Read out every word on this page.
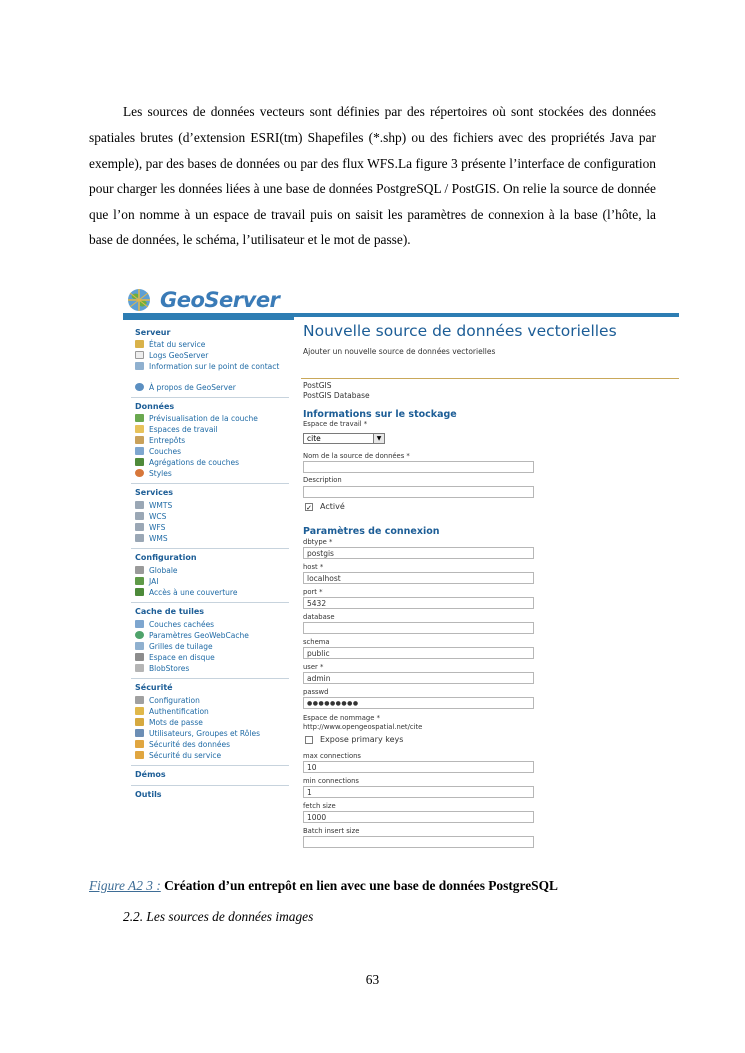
Les sources de données vecteurs sont définies par des répertoires où sont stockées des données spatiales brutes (d’extension ESRI(tm) Shapefiles (*.shp) ou des fichiers avec des propriétés Java par exemple), par des bases de données ou par des flux WFS.La figure 3 présente l’interface de configuration pour charger les données liées à une base de données PostgreSQL / PostGIS. On relie la source de donnée que l’on nomme à un espace de travail puis on saisit les paramètres de connexion à la base (l’hôte, la base de données, le schéma, l’utilisateur et le mot de passe).

GeoServer
Serveur
État du service
Logs GeoServer
Information sur le point de contact
À propos de GeoServer
Données
Prévisualisation de la couche
Espaces de travail
Entrepôts
Couches
Agrégations de couches
Styles
Services
WMTS
WCS
WFS
WMS
Configuration
Globale
JAI
Accès à une couverture
Cache de tuiles
Couches cachées
Paramètres GeoWebCache
Grilles de tuilage
Espace en disque
BlobStores
Sécurité
Configuration
Authentification
Mots de passe
Utilisateurs, Groupes et Rôles
Sécurité des données
Sécurité du service
Démos
Outils
Nouvelle source de données vectorielles
Ajouter un nouvelle source de données vectorielles
PostGIS
PostGIS Database
Informations sur le stockage
Espace de travail *
cite	▼
Nom de la source de données *
Description
✓ Activé
Paramètres de connexion
dbtype *
postgis
host *
localhost
port *
5432
database
schema
public
user *
admin
passwd
●●●●●●●●●
Espace de nommage *
http://www.opengeospatial.net/cite
Expose primary keys
max connections
10
min connections
1
fetch size
1000
Batch insert size
Figure A2 3 : Création d’un entrepôt en lien avec une base de données PostgreSQL
2.2. Les sources de données images
63
